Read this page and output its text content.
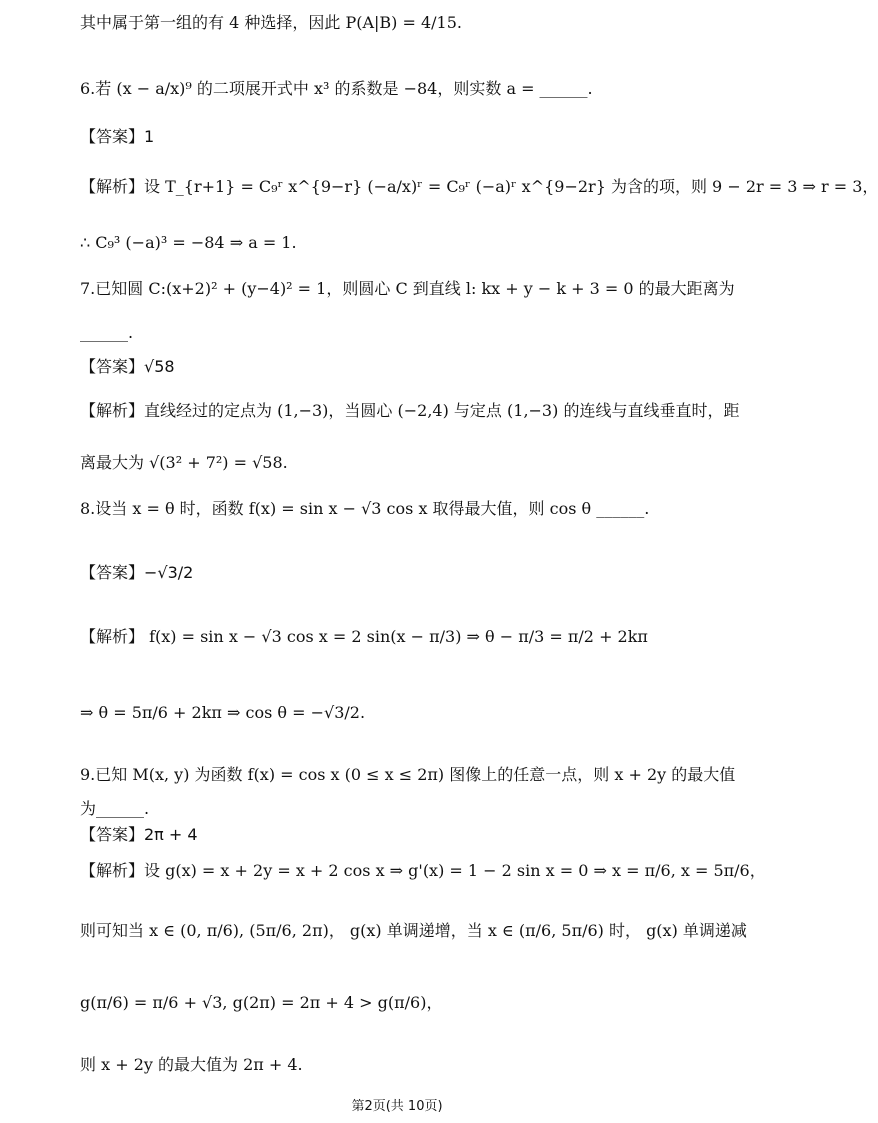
其中属于第一组的有 4 种选择，因此 P(A|B) = 4/15.
6.若 (x − a/x)⁹ 的二项展开式中 x³ 的系数是 −84，则实数 a = ______.
【答案】1
【解析】设 T_{r+1} = C₉ʳ x^{9−r} (−a/x)ʳ = C₉ʳ (−a)ʳ x^{9−2r} 为含的项，则 9 − 2r = 3 ⇒ r = 3，
∴ C₉³ (−a)³ = −84 ⇒ a = 1.
7.已知圆 C:(x+2)² + (y−4)² = 1，则圆心 C 到直线 l: kx + y − k + 3 = 0 的最大距离为
______.
【答案】√58
【解析】直线经过的定点为 (1,−3)，当圆心 (−2,4) 与定点 (1,−3) 的连线与直线垂直时，距
离最大为 √(3² + 7²) = √58.
8.设当 x = θ 时，函数 f(x) = sin x − √3 cos x 取得最大值，则 cos θ ______.
【答案】−√3/2
【解析】 f(x) = sin x − √3 cos x = 2 sin(x − π/3) ⇒ θ − π/3 = π/2 + 2kπ
⇒ θ = 5π/6 + 2kπ ⇒ cos θ = −√3/2.
9.已知 M(x, y) 为函数 f(x) = cos x (0 ≤ x ≤ 2π) 图像上的任意一点，则 x + 2y 的最大值
为______.
【答案】2π + 4
【解析】设 g(x) = x + 2y = x + 2 cos x ⇒ g'(x) = 1 − 2 sin x = 0 ⇒ x = π/6, x = 5π/6，
则可知当 x ∈ (0, π/6), (5π/6, 2π)， g(x) 单调递增，当 x ∈ (π/6, 5π/6) 时， g(x) 单调递减
g(π/6) = π/6 + √3, g(2π) = 2π + 4 > g(π/6)，
则 x + 2y 的最大值为 2π + 4.
第2页(共 10页)
